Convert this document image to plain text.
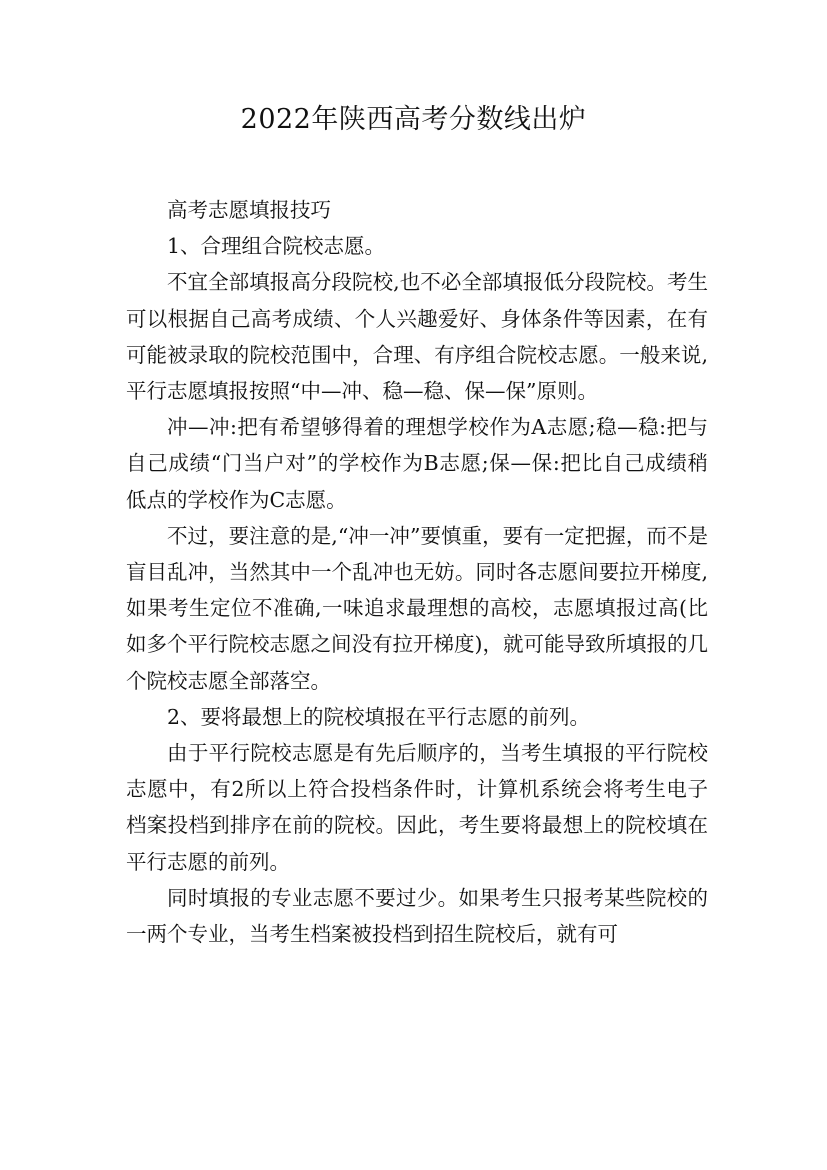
2022年陕西高考分数线出炉

高考志愿填报技巧

1、合理组合院校志愿。

不宜全部填报高分段院校,也不必全部填报低分段院校。考生可以根据自己高考成绩、个人兴趣爱好、身体条件等因素，在有可能被录取的院校范围中，合理、有序组合院校志愿。一般来说,平行志愿填报按照“中—冲、稳—稳、保—保”原则。

冲—冲:把有希望够得着的理想学校作为A志愿;稳—稳:把与自己成绩“门当户对”的学校作为B志愿;保—保:把比自己成绩稍低点的学校作为C志愿。

不过，要注意的是,“冲一冲”要慎重，要有一定把握，而不是盲目乱冲，当然其中一个乱冲也无妨。同时各志愿间要拉开梯度,如果考生定位不准确,一味追求最理想的高校，志愿填报过高(比如多个平行院校志愿之间没有拉开梯度)，就可能导致所填报的几个院校志愿全部落空。

2、要将最想上的院校填报在平行志愿的前列。

由于平行院校志愿是有先后顺序的，当考生填报的平行院校志愿中，有2所以上符合投档条件时，计算机系统会将考生电子档案投档到排序在前的院校。因此，考生要将最想上的院校填在平行志愿的前列。

同时填报的专业志愿不要过少。如果考生只报考某些院校的一两个专业，当考生档案被投档到招生院校后，就有可
